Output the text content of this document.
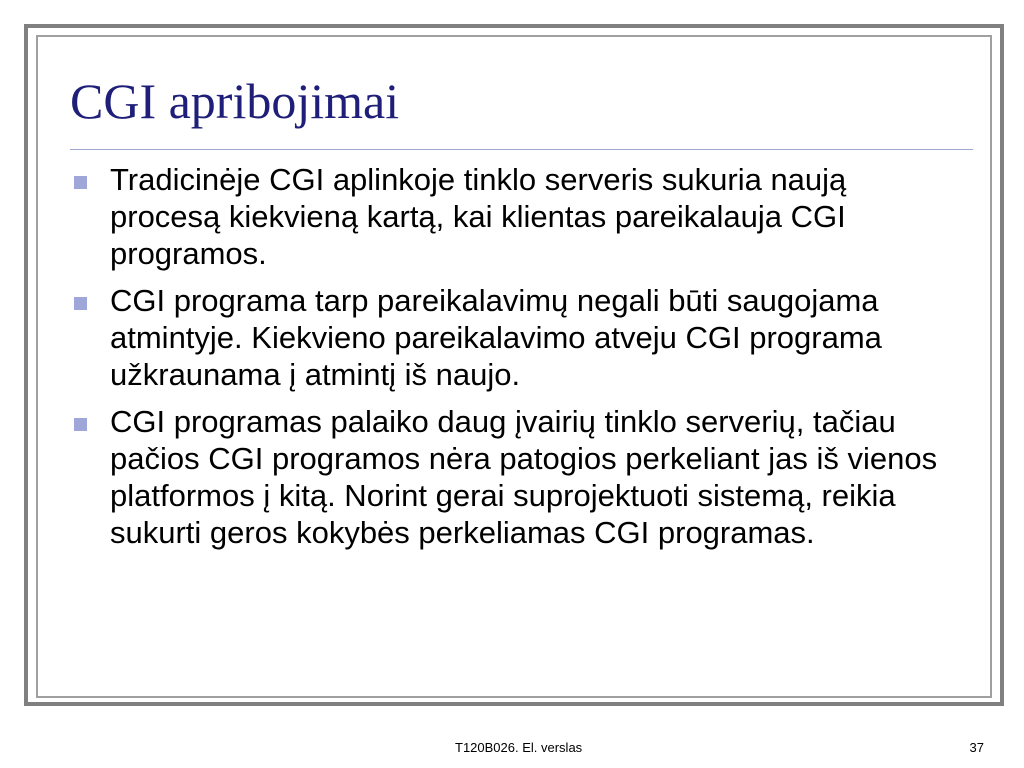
CGI apribojimai
Tradicinėje CGI aplinkoje tinklo serveris sukuria naują procesą kiekvieną kartą, kai klientas pareikalauja CGI programos.
CGI programa tarp pareikalavimų negali būti saugojama atmintyje. Kiekvieno pareikalavimo atveju CGI programa užkraunama į atmintį iš naujo.
CGI programas palaiko daug įvairių tinklo serverių, tačiau pačios CGI programos nėra patogios perkeliant jas iš vienos platformos į kitą. Norint gerai suprojektuoti sistemą, reikia sukurti geros kokybės perkeliamas CGI programas.
T120B026. El. verslas	37
